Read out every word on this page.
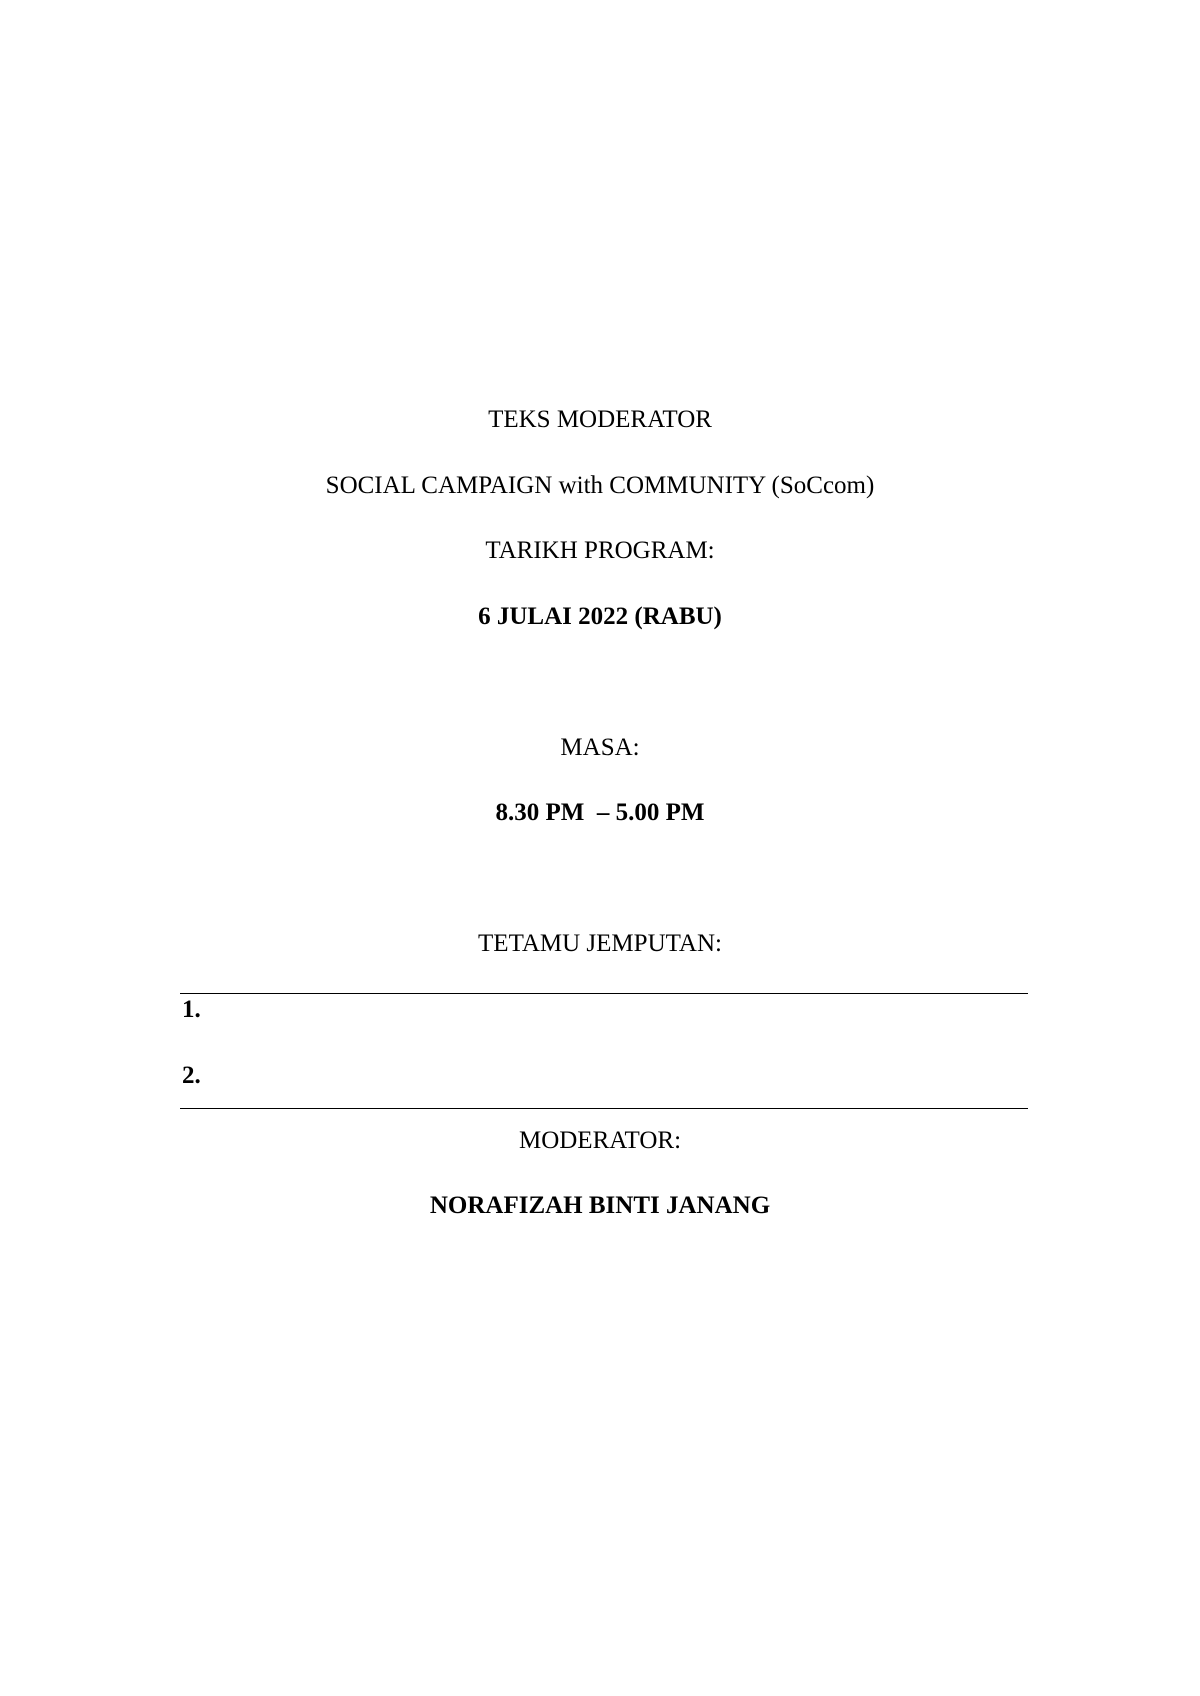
TEKS MODERATOR
SOCIAL CAMPAIGN with COMMUNITY (SoCcom)
TARIKH PROGRAM:
6 JULAI 2022 (RABU)
MASA:
8.30 PM  – 5.00 PM
TETAMU JEMPUTAN:
1.
2.
MODERATOR:
NORAFIZAH BINTI JANANG
